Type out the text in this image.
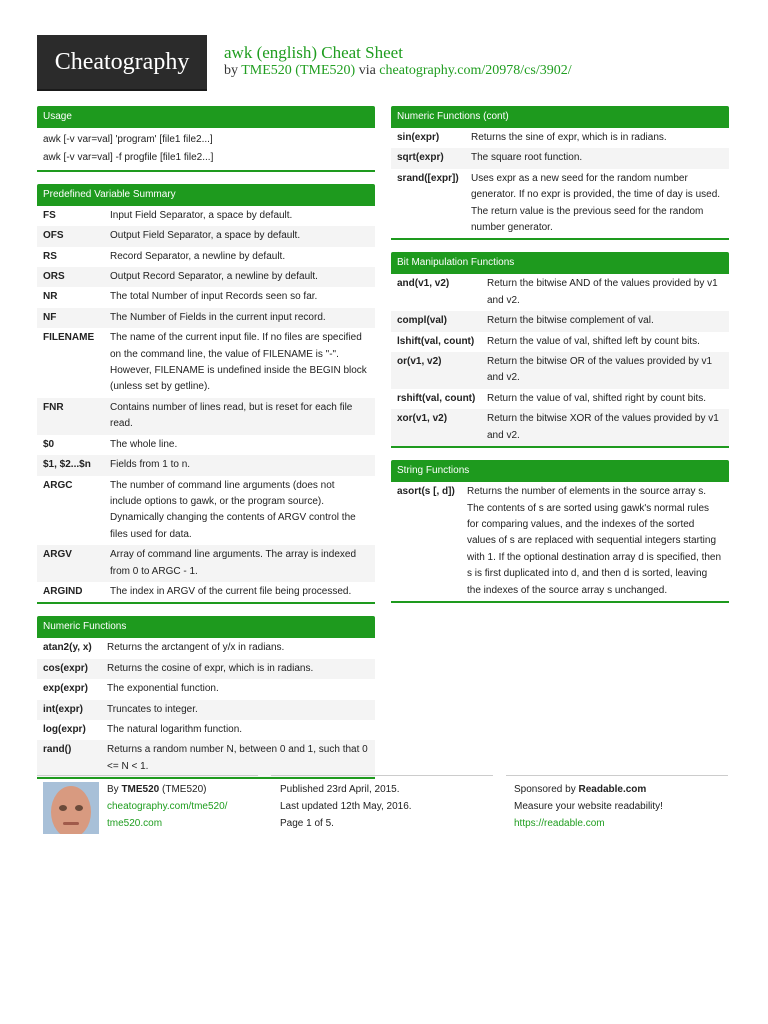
Cheatography	awk (english) Cheat Sheet
by TME520 (TME520) via cheatography.com/20978/cs/3902/
Usage
awk [-v var=val] 'program' [file1 file2...]
awk [-v var=val] -f progfile [file1 file2...]
Predefined Variable Summary
FS	Input Field Separator, a space by default.
OFS	Output Field Separator, a space by default.
RS	Record Separator, a newline by default.
ORS	Output Record Separator, a newline by default.
NR	The total Number of input Records seen so far.
NF	The Number of Fields in the current input record.
FILENAME	The name of the current input file. If no files are specified on the command line, the value of FILENAME is "-". However, FILENAME is undefined inside the BEGIN block (unless set by getline).
FNR	Contains number of lines read, but is reset for each file read.
$0	The whole line.
$1, $2...$n	Fields from 1 to n.
ARGC	The number of command line arguments (does not include options to gawk, or the program source). Dynamically changing the contents of ARGV control the files used for data.
ARGV	Array of command line arguments. The array is indexed from 0 to ARGC - 1.
ARGIND	The index in ARGV of the current file being processed.
Numeric Functions
atan2(y, x)	Returns the arctangent of y/x in radians.
cos(expr)	Returns the cosine of expr, which is in radians.
exp(expr)	The exponential function.
int(expr)	Truncates to integer.
log(expr)	The natural logarithm function.
rand()	Returns a random number N, between 0 and 1, such that 0 <= N < 1.
Numeric Functions (cont)
sin(expr)	Returns the sine of expr, which is in radians.
sqrt(expr)	The square root function.
srand([expr])	Uses expr as a new seed for the random number generator. If no expr is provided, the time of day is used. The return value is the previous seed for the random number generator.
Bit Manipulation Functions
and(v1, v2)	Return the bitwise AND of the values provided by v1 and v2.
compl(val)	Return the bitwise complement of val.
lshift(val, count)	Return the value of val, shifted left by count bits.
or(v1, v2)	Return the bitwise OR of the values provided by v1 and v2.
rshift(val, count)	Return the value of val, shifted right by count bits.
xor(v1, v2)	Return the bitwise XOR of the values provided by v1 and v2.
String Functions
asort(s [, d])	Returns the number of elements in the source array s. The contents of s are sorted using gawk's normal rules for comparing values, and the indexes of the sorted values of s are replaced with sequential integers starting with 1. If the optional destination array d is specified, then s is first duplicated into d, and then d is sorted, leaving the indexes of the source array s unchanged.
By TME520 (TME520)
cheatography.com/tme520/
tme520.com
Published 23rd April, 2015.
Last updated 12th May, 2016.
Page 1 of 5.
Sponsored by Readable.com
Measure your website readability!
https://readable.com
